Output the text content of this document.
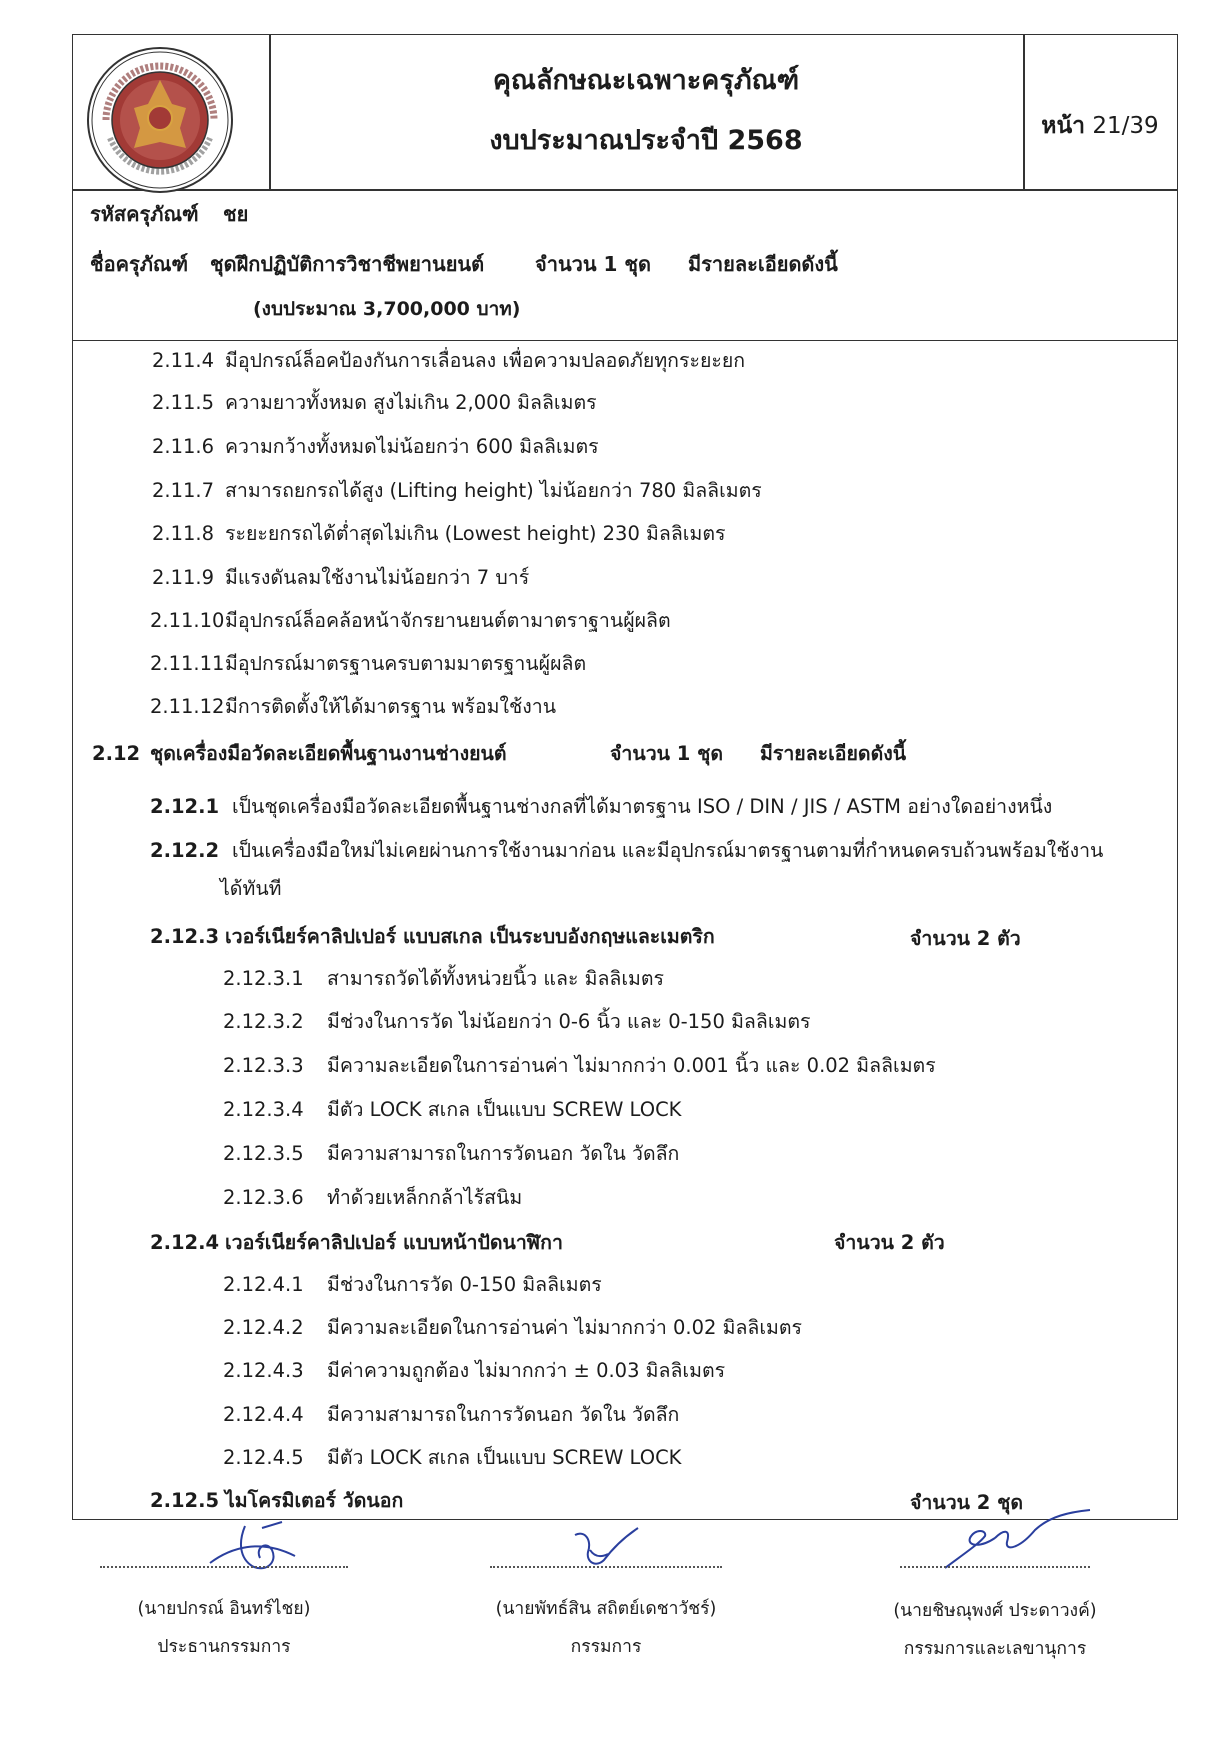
คุณลักษณะเฉพาะครุภัณฑ์
งบประมาณประจำปี 2568	หน้า 21/39
รหัสครุภัณฑ์ ชย
ชื่อครุภัณฑ์ ชุดฝึกปฏิบัติการวิชาชีพยานยนต์	จำนวน 1 ชุด มีรายละเอียดดังนี้
(งบประมาณ 3,700,000 บาท)
2.11.4 มีอุปกรณ์ล็อคป้องกันการเลื่อนลง เพื่อความปลอดภัยทุกระยะยก
2.11.5 ความยาวทั้งหมด สูงไม่เกิน 2,000 มิลลิเมตร
2.11.6 ความกว้างทั้งหมดไม่น้อยกว่า 600 มิลลิเมตร
2.11.7 สามารถยกรถได้สูง (Lifting height) ไม่น้อยกว่า 780 มิลลิเมตร
2.11.8 ระยะยกรถได้ต่ำสุดไม่เกิน (Lowest height) 230 มิลลิเมตร
2.11.9 มีแรงดันลมใช้งานไม่น้อยกว่า 7 บาร์
2.11.10 มีอุปกรณ์ล็อคล้อหน้าจักรยานยนต์ตามาตราฐานผู้ผลิต
2.11.11 มีอุปกรณ์มาตรฐานครบตามมาตรฐานผู้ผลิต
2.11.12 มีการติดตั้งให้ได้มาตรฐาน พร้อมใช้งาน
2.12 ชุดเครื่องมือวัดละเอียดพื้นฐานงานช่างยนต์	จำนวน 1 ชุด มีรายละเอียดดังนี้
2.12.1 เป็นชุดเครื่องมือวัดละเอียดพื้นฐานช่างกลที่ได้มาตรฐาน ISO / DIN / JIS / ASTM อย่างใดอย่างหนึ่ง
2.12.2 เป็นเครื่องมือใหม่ไม่เคยผ่านการใช้งานมาก่อน และมีอุปกรณ์มาตรฐานตามที่กำหนดครบถ้วนพร้อมใช้งาน
ได้ทันที
2.12.3 เวอร์เนียร์คาลิปเปอร์ แบบสเกล เป็นระบบอังกฤษและเมตริก	จำนวน 2 ตัว
2.12.3.1 สามารถวัดได้ทั้งหน่วยนิ้ว และ มิลลิเมตร
2.12.3.2 มีช่วงในการวัด ไม่น้อยกว่า 0-6 นิ้ว และ 0-150 มิลลิเมตร
2.12.3.3 มีความละเอียดในการอ่านค่า ไม่มากกว่า 0.001 นิ้ว และ 0.02 มิลลิเมตร
2.12.3.4 มีตัว LOCK สเกล เป็นแบบ SCREW LOCK
2.12.3.5 มีความสามารถในการวัดนอก วัดใน วัดลึก
2.12.3.6 ทำด้วยเหล็กกล้าไร้สนิม
2.12.4 เวอร์เนียร์คาลิปเปอร์ แบบหน้าปัดนาฬิกา	จำนวน 2 ตัว
2.12.4.1 มีช่วงในการวัด 0-150 มิลลิเมตร
2.12.4.2 มีความละเอียดในการอ่านค่า ไม่มากกว่า 0.02 มิลลิเมตร
2.12.4.3 มีค่าความถูกต้อง ไม่มากกว่า ± 0.03 มิลลิเมตร
2.12.4.4 มีความสามารถในการวัดนอก วัดใน วัดลึก
2.12.4.5 มีตัว LOCK สเกล เป็นแบบ SCREW LOCK
2.12.5 ไมโครมิเตอร์ วัดนอก	จำนวน 2 ชุด
(นายปกรณ์ อินทร์ไชย)
ประธานกรรมการ
(นายพัทธ์สิน สถิตย์เดชาวัชร์)
กรรมการ
(นายชิษณุพงศ์ ประดาวงค์)
กรรมการและเลขานุการ
